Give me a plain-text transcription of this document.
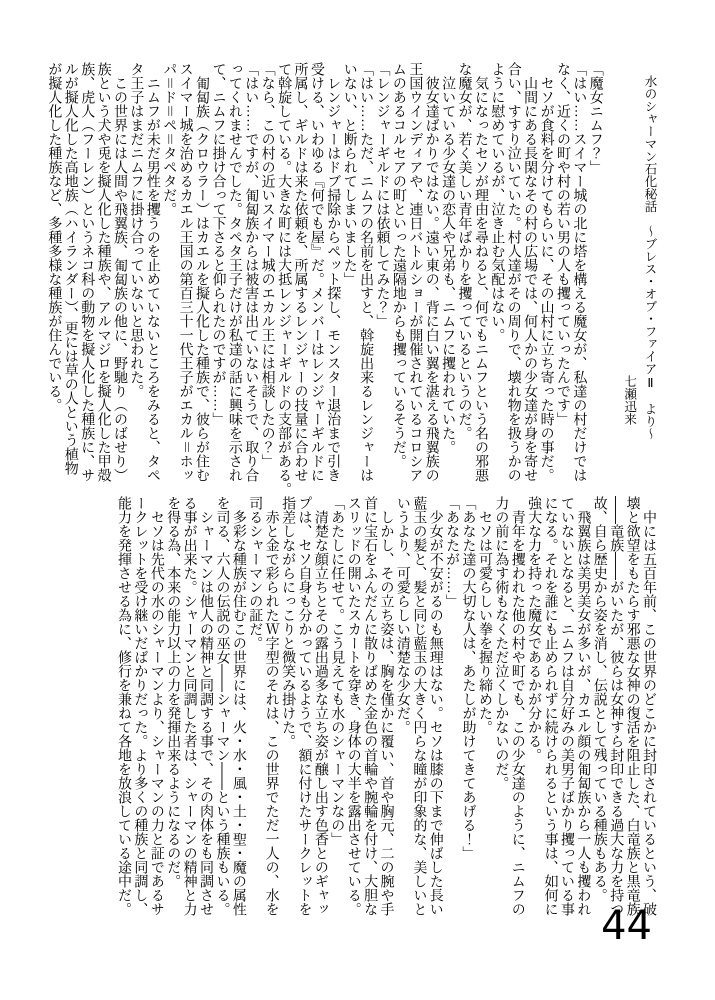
水のシャーマン石化秘話　〜ブレス・オブ・ファイアⅡ　より〜
七瀬迅来
「魔女ニムフ？」
「はい……スイマー城の北に塔を構える魔女が、私達の村だけでは
なく、近くの町や村の若い男の人も攫っていったんです」
　セソが食料を分けてもらいに、その山村に立ち寄った時の事だ。
　山間にある長閑なその村の広場では、何人かの少女達が身を寄せ
合い、すすり泣いていた。村人達がその周りで、壊れ物を扱うかの
ように慰めているが、泣き止む気配はない。
　気になったセソが理由を尋ねると、何でもニムフという名の邪悪
な魔女が、若く美しい青年ばかりを攫っているというのだ。
　泣いている少女達の恋人や兄弟も、ニムフに攫われていた。
　彼女達ばかりではない。遠い東の、背に白い翼を湛える飛翼族の
王国ウインディアや、連日バトルショーが開催されているコロシア
ムのあるコルセアの町といった遠隔地からも攫っているそうだ。
「レンジャーギルドには依頼してみた？」
「はい……ただ、ニムフの名前を出すと、斡旋出来るレンジャーは
いない、と断られてしまいました」
　レンジャーはドブ掃除からペット探し、モンスター退治まで引き
受ける、いわゆる『何でも屋』だ。メンバーはレンジャーギルドに
所属し、ギルドは来た依頼を、所属するレンジャーの技量に合わせ
て斡旋している。大きな町には大抵レンジャーギルドの支部がある。
「なら、この村の近いスイマー城のエカル王には相談したの？」
「はい……ですが、匍匐族からは被害は出ていないそうで、取り合
ってくれませんでした。タペタ王子だけが私達の話に興味を示され
て、ニムフに掛け合って下さると仰られたのですが……」
　匍匐族（クロウラー）はカエルを擬人化した種族で、彼らが住む
スイマー城を治めるカエル王国の第百三十一代王子がエカル＝ホッ
パ＝ド＝ペ＝タペタだ。
　ニムフが未だ男性を攫うのを止めていないところをみると、タペ
タ王子はまだニムフに掛け合っていないと思われた。
　この世界には人間や飛翼族、匍匐族の他に、野馳り（のばせり）
族という犬や兎を擬人化した種族や、アルマジロを擬人化した甲殻
族、虎人（フーレン）というネコ科の動物を擬人化した種族に、サ
ルが擬人化した高地族（ハイランダー）、更には草の人という植物
が擬人化した種族など、多種多様な種族が住んでいる。
　中には五百年前、この世界のどこかに封印されているという、破
壊と欲望をもたらす邪悪な女神の復活を阻止した、白竜族と黒竜族
――竜族――がいたが、彼らは女神すら封印できる過大な力を持つ
故、自ら歴史から姿を消し、伝説として残っている種族もある。
　飛翼族は美男美女が多いが、カエル顔の匍匐族から一人も攫われ
ていないとなると、ニムフは自分好みの美男子ばかり攫っている事
になる。それを誰にも止められずに続けられるという事は、如何に
強大な力を持った魔女であるかが分かる。
　青年を攫われた他の村や町でも、この少女達のように、ニムフの
力の前に為す術もなくただ泣くしかないのだ。
　セソは可愛らしい拳を握り締めた。
「あなた達の大切な人は、あたしが助けてきてあげる！」
「あなたが……」
　少女が不安がるのも無理はない。セソは膝の下まで伸ばした長い
藍玉の髪と、髪と同じ藍玉の大きく円らな瞳が印象的な、美しいと
いうより、可愛らしい清楚な少女だ。
　しかし、その立ち姿は、胸を僅かに覆い、首や胸元、二の腕や手
首に宝石をふんだんに散りばめた金色の首輪や腕輪を付け、大胆な
スリッドの開いたスカートを穿き、身体の大半を露出させている。
「あたしに任せて。こう見えても水のシャーマンなの」
　清楚な顔立ちとその露出過多な立ち姿が醸し出す色香とのギャッ
プは、セソ自身も分かっているようで、額に付けたサークレットを
指差しながらにっこりと微笑み掛けた。
　赤と金で彩られたＷ字型のそれは、この世界でただ一人の、水を
司るシャーマンの証だ。
　多彩な種族が住むこの世界には、火・水・風・土・聖・魔の属性
を司る、六人の伝説の巫女――シャーマン――という種族もいる。
　シャーマンは他人の精神と同調する事で、その肉体をも同調させ
る事が出来た。シャーマンと同調した者は、シャーマンの精神と力
を得る為、本来の能力以上の力を発揮出来るようになるのだ。
　セソは先代の水のシャーマンより、シャーマンの力と証であるサ
ークレットを受け継いだばかりだった。より多くの種族と同調し、
能力を発揮させる為に、修行を兼ねて各地を放浪している途中だ。
44
